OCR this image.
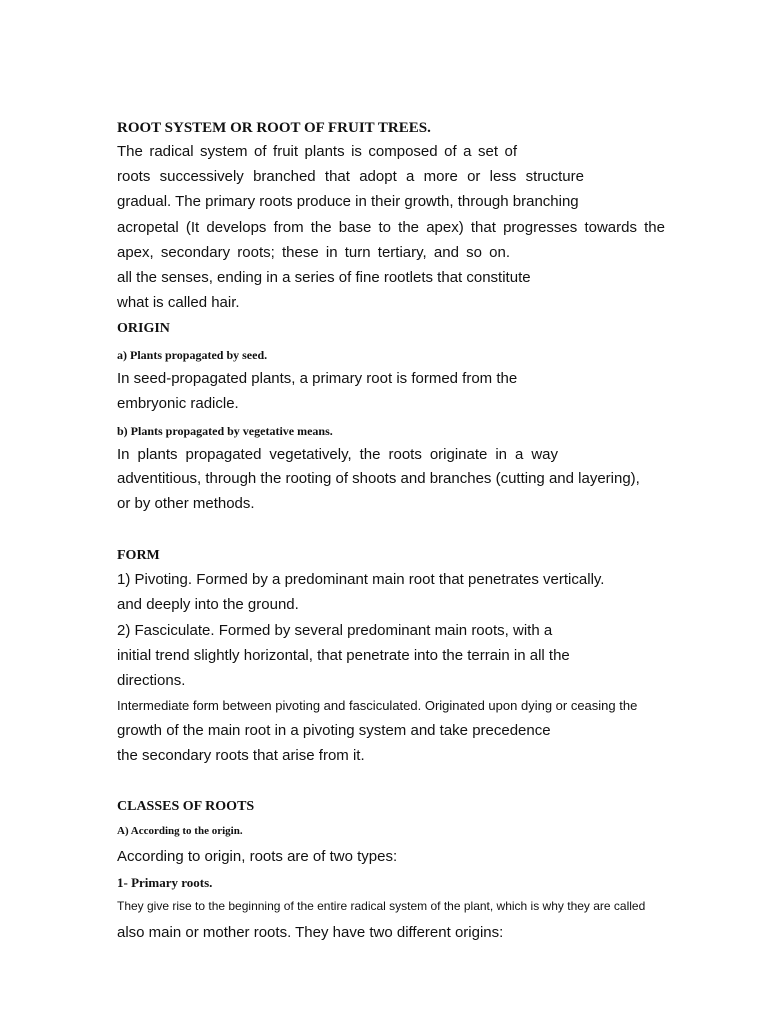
ROOT SYSTEM OR ROOT OF FRUIT TREES.

The radical system of fruit plants is composed of a set of

roots successively branched that adopt a more or less structure

gradual. The primary roots produce in their growth, through branching

acropetal (It develops from the base to the apex) that progresses towards the

apex, secondary roots; these in turn tertiary, and so on.

all the senses, ending in a series of fine rootlets that constitute

what is called hair.

ORIGIN

a) Plants propagated by seed.

In seed-propagated plants, a primary root is formed from the

embryonic radicle.

b) Plants propagated by vegetative means.

In plants propagated vegetatively, the roots originate in a way

adventitious, through the rooting of shoots and branches (cutting and layering),

or by other methods.

FORM

1) Pivoting. Formed by a predominant main root that penetrates vertically.

and deeply into the ground.

2) Fasciculate. Formed by several predominant main roots, with a

initial trend slightly horizontal, that penetrate into the terrain in all the

directions.

Intermediate form between pivoting and fasciculated. Originated upon dying or ceasing the

growth of the main root in a pivoting system and take precedence

the secondary roots that arise from it.

CLASSES OF ROOTS

A) According to the origin.

According to origin, roots are of two types:

1- Primary roots.

They give rise to the beginning of the entire radical system of the plant, which is why they are called

also main or mother roots. They have two different origins:
